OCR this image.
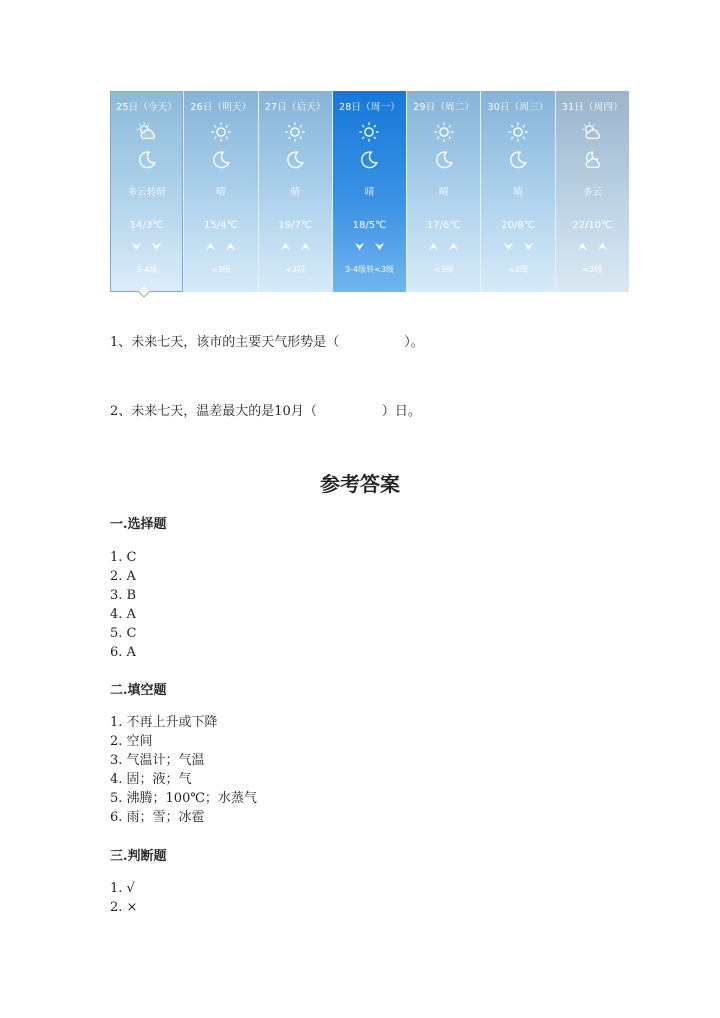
25日（今天）
多云转晴
14/3℃
3-4级
26日（明天）
晴
15/4℃
<3级
27日（后天）
晴
19/7℃
<3级
28日（周一）
晴
18/5℃
3-4级转<3级
29日（周二）
晴
17/6℃
<3级
30日（周三）
晴
20/8℃
<3级
31日（周四）
多云
22/10℃
<3级
1、未来七天，该市的主要天气形势是（　　　　　）。
2、未来七天，温差最大的是10月（　　　　　）日。
参考答案
一.选择题
1. C
2. A
3. B
4. A
5. C
6. A
二.填空题
1. 不再上升或下降
2. 空间
3. 气温计；气温
4. 固；液；气
5. 沸腾；100℃；水蒸气
6. 雨；雪；冰雹
三.判断题
1. √
2. ×
